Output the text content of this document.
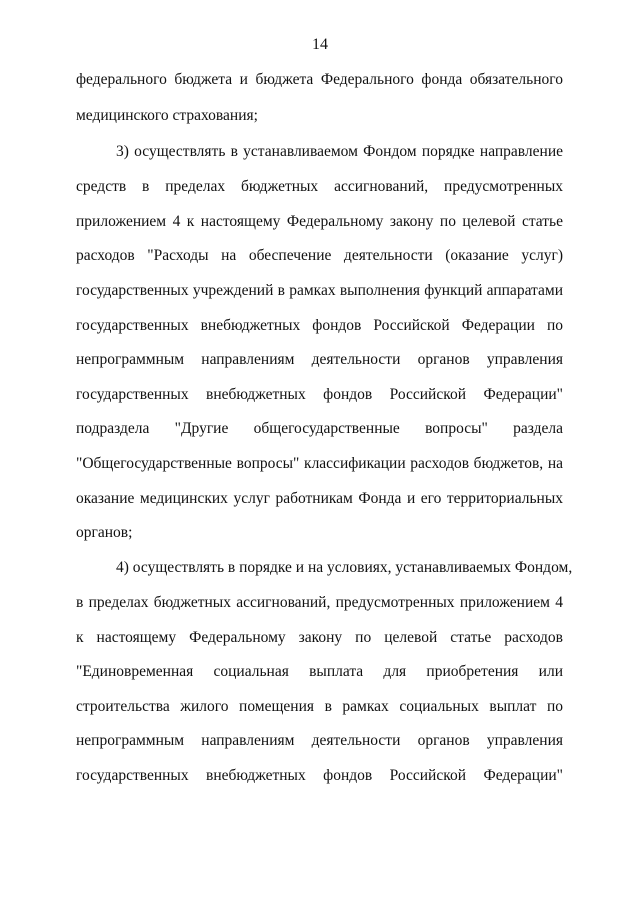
14
федерального бюджета и бюджета Федерального фонда обязательного
медицинского страхования;
3) осуществлять в устанавливаемом Фондом порядке направление
средств в пределах бюджетных ассигнований, предусмотренных
приложением 4 к настоящему Федеральному закону по целевой статье
расходов "Расходы на обеспечение деятельности (оказание услуг)
государственных учреждений в рамках выполнения функций аппаратами
государственных внебюджетных фондов Российской Федерации по
непрограммным направлениям деятельности органов управления
государственных внебюджетных фондов Российской Федерации"
подраздела "Другие общегосударственные вопросы" раздела
"Общегосударственные вопросы" классификации расходов бюджетов, на
оказание медицинских услуг работникам Фонда и его территориальных
органов;
4) осуществлять в порядке и на условиях, устанавливаемых Фондом,
в пределах бюджетных ассигнований, предусмотренных приложением 4
к настоящему Федеральному закону по целевой статье расходов
"Единовременная социальная выплата для приобретения или
строительства жилого помещения в рамках социальных выплат по
непрограммным направлениям деятельности органов управления
государственных внебюджетных фондов Российской Федерации"
